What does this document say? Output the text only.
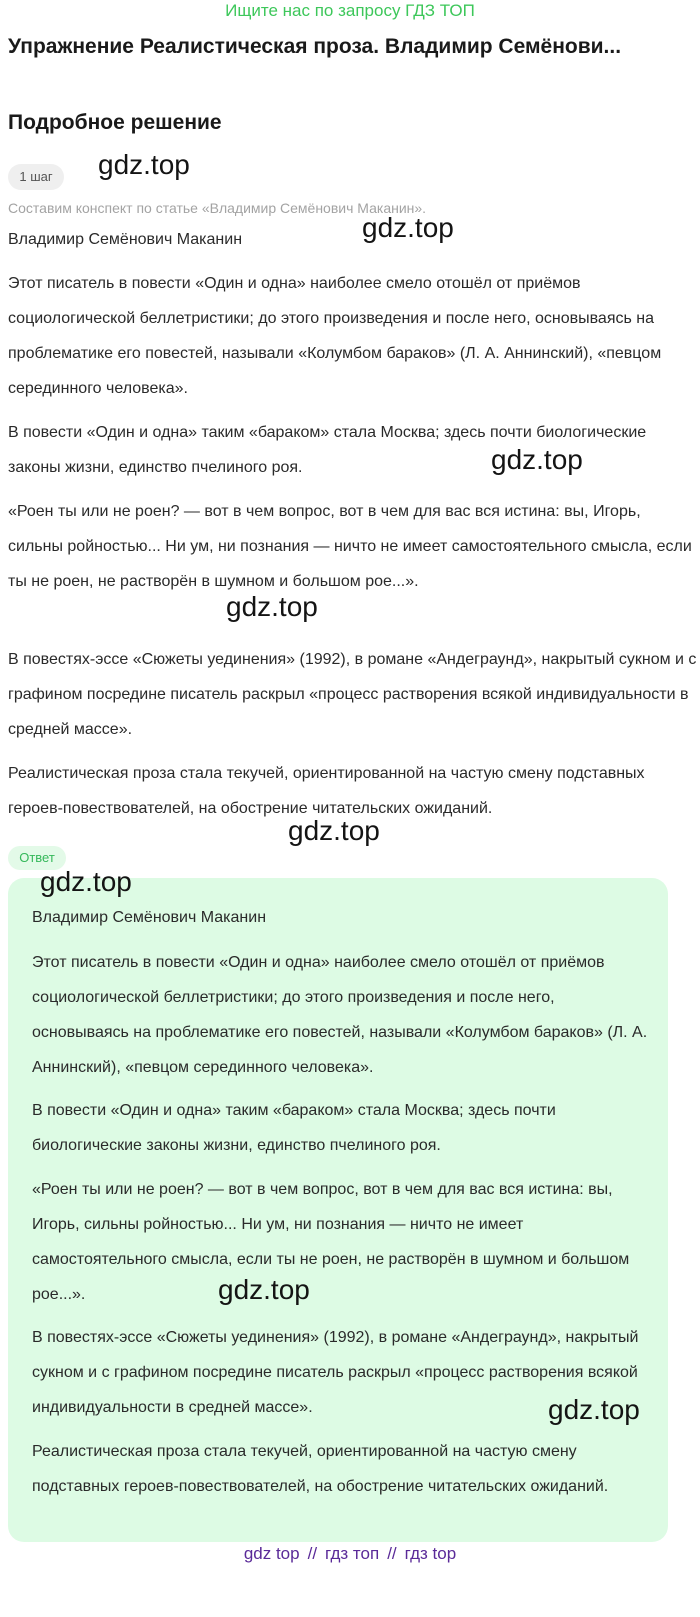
Ищите нас по запросу ГДЗ ТОП
Упражнение Реалистическая проза. Владимир Семёнови...
Подробное решение
1 шаг
Составим конспект по статье «Владимир Семёнович Маканин».

Владимир Семёнович Маканин

Этот писатель в повести «Один и одна» наиболее смело отошёл от приёмов социологической беллетристики; до этого произведения и после него, основываясь на проблематике его повестей, называли «Колумбом бараков» (Л. А. Аннинский), «певцом серединного человека».

В повести «Один и одна» таким «бараком» стала Москва; здесь почти биологические законы жизни, единство пчелиного роя.

«Роен ты или не роен? — вот в чем вопрос, вот в чем для вас вся истина: вы, Игорь, сильны ройностью... Ни ум, ни познания — ничто не имеет самостоятельного смысла, если ты не роен, не растворён в шумном и большом рое...».

В повестях-эссе «Сюжеты уединения» (1992), в романе «Андеграунд», накрытый сукном и с графином посредине писатель раскрыл «процесс растворения всякой индивидуальности в средней массе».

Реалистическая проза стала текучей, ориентированной на частую смену подставных героев-повествователей, на обострение читательских ожиданий.

Ответ

Владимир Семёнович Маканин

Этот писатель в повести «Один и одна» наиболее смело отошёл от приёмов социологической беллетристики; до этого произведения и после него, основываясь на проблематике его повестей, называли «Колумбом бараков» (Л. А. Аннинский), «певцом серединного человека».

В повести «Один и одна» таким «бараком» стала Москва; здесь почти биологические законы жизни, единство пчелиного роя.

«Роен ты или не роен? — вот в чем вопрос, вот в чем для вас вся истина: вы, Игорь, сильны ройностью... Ни ум, ни познания — ничто не имеет самостоятельного смысла, если ты не роен, не растворён в шумном и большом рое...».

В повестях-эссе «Сюжеты уединения» (1992), в романе «Андеграунд», накрытый сукном и с графином посредине писатель раскрыл «процесс растворения всякой индивидуальности в средней массе».

Реалистическая проза стала текучей, ориентированной на частую смену подставных героев-повествователей, на обострение читательских ожиданий.

gdz.top
gdz.top
gdz.top
gdz.top
gdz.top
gdz.top
gdz.top
gdz.top
gdz top // гдз топ // гдз top
